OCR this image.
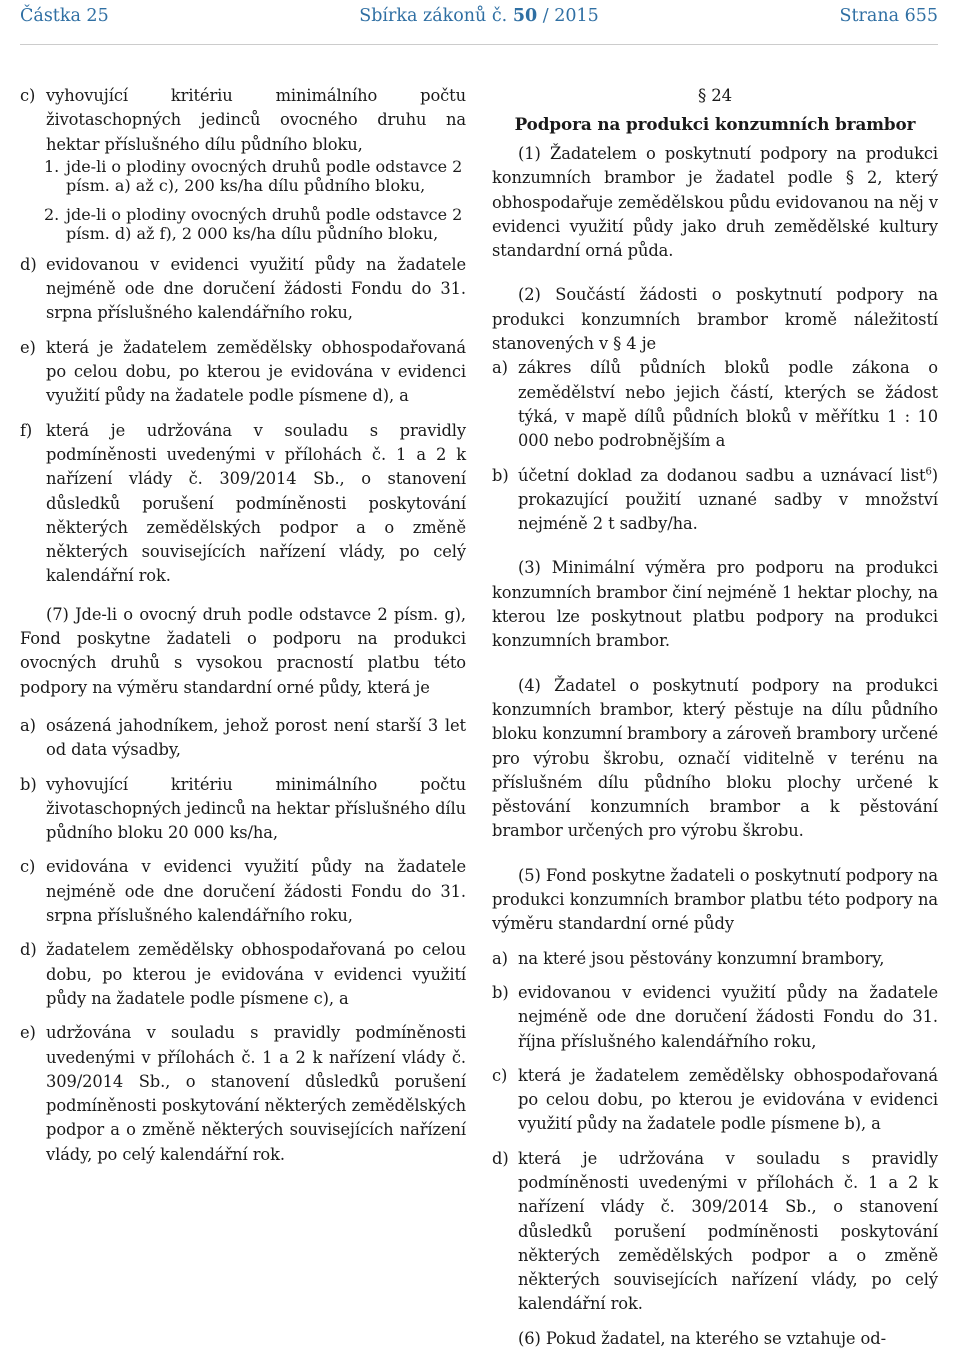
Částka 25	Sbírka zákonů č. 50 / 2015	Strana 655
c) vyhovující kritériu minimálního počtu životaschopných jedinců ovocného druhu na hektar příslušného dílu půdního bloku,
1. jde-li o plodiny ovocných druhů podle odstavce 2 písm. a) až c), 200 ks/ha dílu půdního bloku,
2. jde-li o plodiny ovocných druhů podle odstavce 2 písm. d) až f), 2 000 ks/ha dílu půdního bloku,
d) evidovanou v evidenci využití půdy na žadatele nejméně ode dne doručení žádosti Fondu do 31. srpna příslušného kalendářního roku,
e) která je žadatelem zemědělsky obhospodařovaná po celou dobu, po kterou je evidována v evidenci využití půdy na žadatele podle písmene d), a
f) která je udržována v souladu s pravidly podmíněnosti uvedenými v přílohách č. 1 a 2 k nařízení vlády č. 309/2014 Sb., o stanovení důsledků porušení podmíněnosti poskytování některých zemědělských podpor a o změně některých souvisejících nařízení vlády, po celý kalendářní rok.

(7) Jde-li o ovocný druh podle odstavce 2 písm. g), Fond poskytne žadateli o podporu na produkci ovocných druhů s vysokou pracností platbu této podpory na výměru standardní orné půdy, která je

a) osázená jahodníkem, jehož porost není starší 3 let od data výsadby,
b) vyhovující kritériu minimálního počtu životaschopných jedinců na hektar příslušného dílu půdního bloku 20 000 ks/ha,
c) evidována v evidenci využití půdy na žadatele nejméně ode dne doručení žádosti Fondu do 31. srpna příslušného kalendářního roku,
d) žadatelem zemědělsky obhospodařovaná po celou dobu, po kterou je evidována v evidenci využití půdy na žadatele podle písmene c), a
e) udržována v souladu s pravidly podmíněnosti uvedenými v přílohách č. 1 a 2 k nařízení vlády č. 309/2014 Sb., o stanovení důsledků porušení podmíněnosti poskytování některých zemědělských podpor a o změně některých souvisejících nařízení vlády, po celý kalendářní rok.

§ 24

Podpora na produkci konzumních brambor

(1) Žadatelem o poskytnutí podpory na produkci konzumních brambor je žadatel podle § 2, který obhospodařuje zemědělskou půdu evidovanou na něj v evidenci využití půdy jako druh zemědělské kultury standardní orná půda.

(2) Součástí žádosti o poskytnutí podpory na produkci konzumních brambor kromě náležitostí stanovených v § 4 je

a) zákres dílů půdních bloků podle zákona o zemědělství nebo jejich částí, kterých se žádost týká, v mapě dílů půdních bloků v měřítku 1 : 10 000 nebo podrobnějším a
b) účetní doklad za dodanou sadbu a uznávací list$^6$) prokazující použití uznané sadby v množství nejméně 2 t sadby/ha.

(3) Minimální výměra pro podporu na produkci konzumních brambor činí nejméně 1 hektar plochy, na kterou lze poskytnout platbu podpory na produkci konzumních brambor.

(4) Žadatel o poskytnutí podpory na produkci konzumních brambor, který pěstuje na dílu půdního bloku konzumní brambory a zároveň brambory určené pro výrobu škrobu, označí viditelně v terénu na příslušném dílu půdního bloku plochy určené k pěstování konzumních brambor a k pěstování brambor určených pro výrobu škrobu.

(5) Fond poskytne žadateli o poskytnutí podpory na produkci konzumních brambor platbu této podpory na výměru standardní orné půdy

a) na které jsou pěstovány konzumní brambory,
b) evidovanou v evidenci využití půdy na žadatele nejméně ode dne doručení žádosti Fondu do 31. října příslušného kalendářního roku,
c) která je žadatelem zemědělsky obhospodařovaná po celou dobu, po kterou je evidována v evidenci využití půdy na žadatele podle písmene b), a
d) která je udržována v souladu s pravidly podmíněnosti uvedenými v přílohách č. 1 a 2 k nařízení vlády č. 309/2014 Sb., o stanovení důsledků porušení podmíněnosti poskytování některých zemědělských podpor a o změně některých souvisejících nařízení vlády, po celý kalendářní rok.

(6) Pokud žadatel, na kterého se vztahuje od-
